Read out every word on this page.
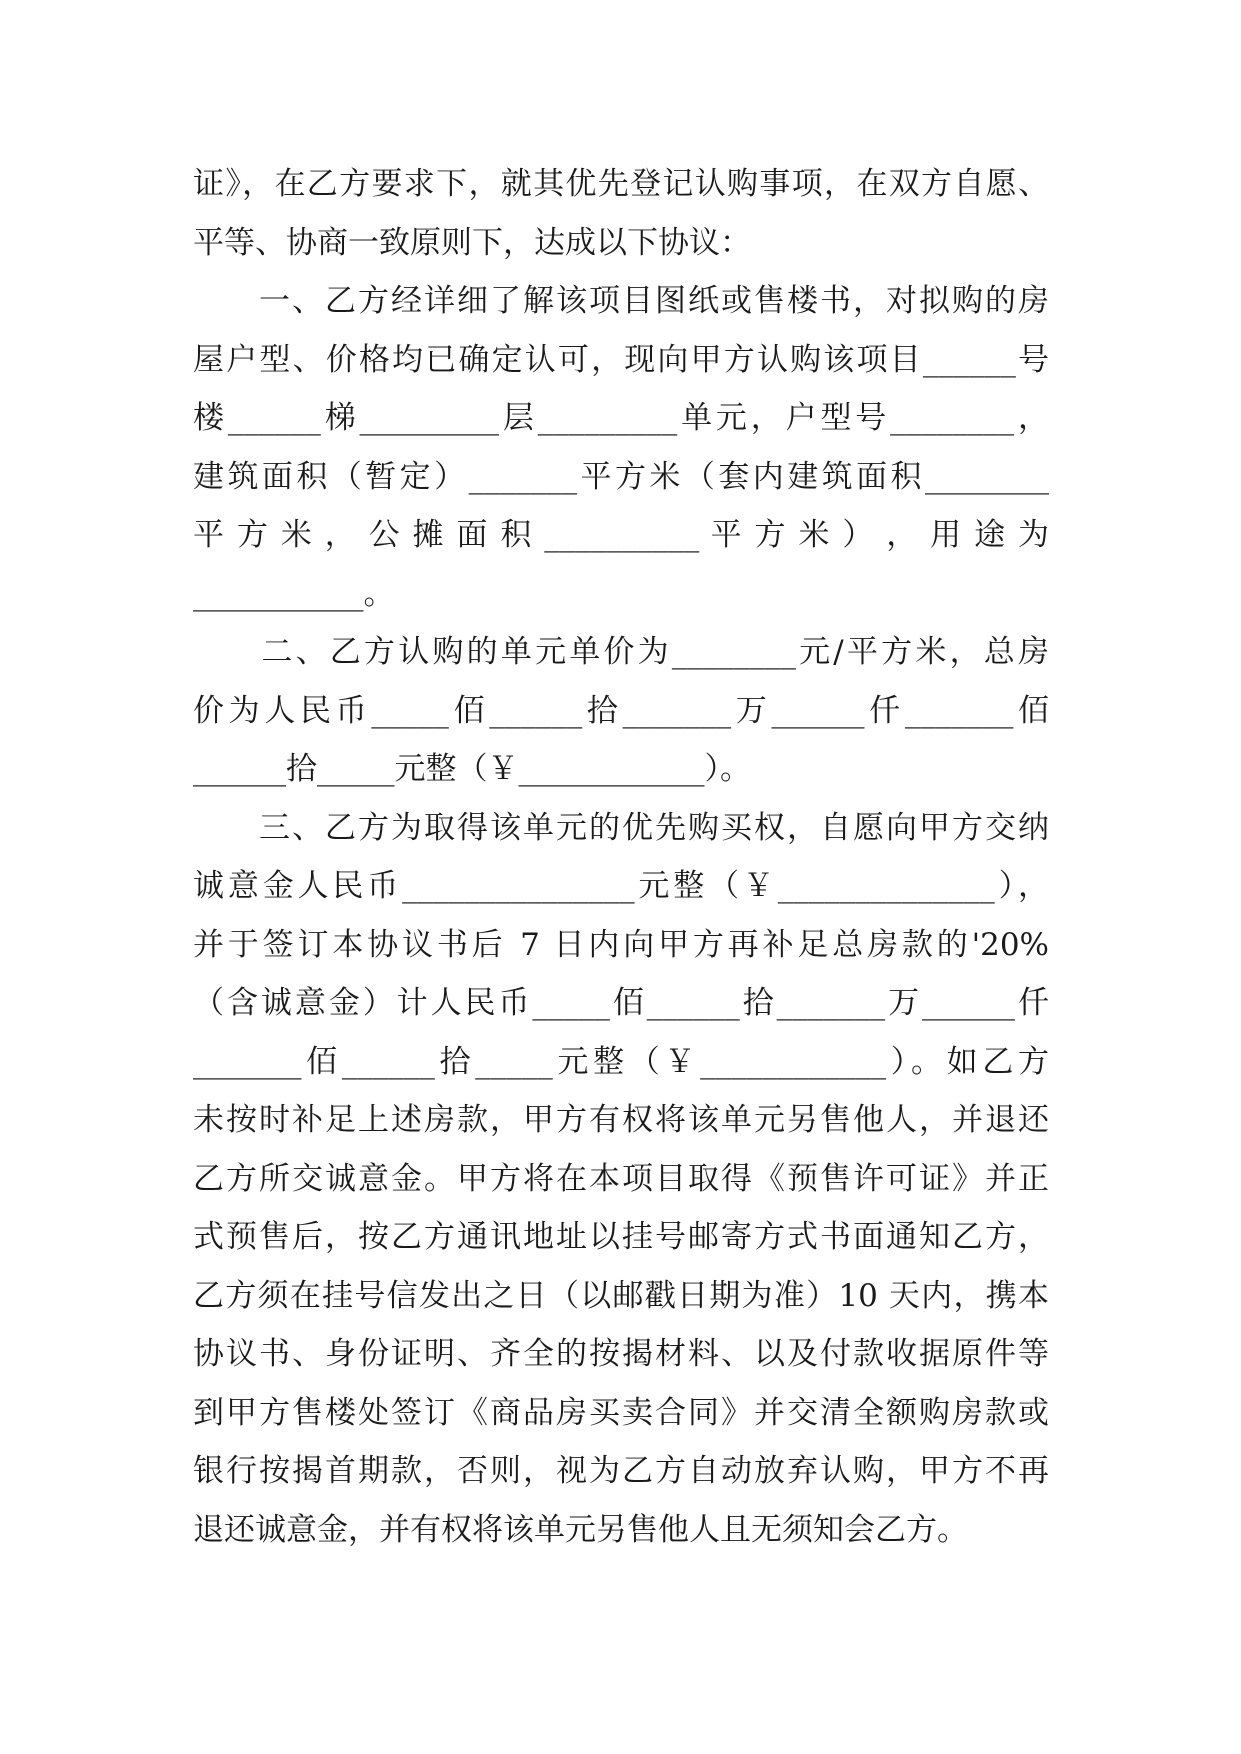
证》，在乙方要求下，就其优先登记认购事项，在双方自愿、
平等、协商一致原则下，达成以下协议：
　　一、乙方经详细了解该项目图纸或售楼书，对拟购的房
屋户型、价格均已确定认可，现向甲方认购该项目______号
楼______梯_________层_________单元，户型号________，
建筑面积（暂定）_______平方米（套内建筑面积________
平 方 米 ， 公 摊 面 积 __________ 平 方 米 ） ， 用 途 为
___________。
　　二、乙方认购的单元单价为________元/平方米，总房
价为人民币_____佰______拾_______万______仟_______佰
______拾_____元整（￥____________）。
　　三、乙方为取得该单元的优先购买权，自愿向甲方交纳
诚意金人民币_______________元整（￥______________），
并于签订本协议书后 7 日内向甲方再补足总房款的'20%
（含诚意金）计人民币_____佰______拾_______万______仟
_______佰______拾_____元整（￥____________）。如乙方
未按时补足上述房款，甲方有权将该单元另售他人，并退还
乙方所交诚意金。甲方将在本项目取得《预售许可证》并正
式预售后，按乙方通讯地址以挂号邮寄方式书面通知乙方，
乙方须在挂号信发出之日（以邮戳日期为准）10 天内，携本
协议书、身份证明、齐全的按揭材料、以及付款收据原件等
到甲方售楼处签订《商品房买卖合同》并交清全额购房款或
银行按揭首期款，否则，视为乙方自动放弃认购，甲方不再
退还诚意金，并有权将该单元另售他人且无须知会乙方。
